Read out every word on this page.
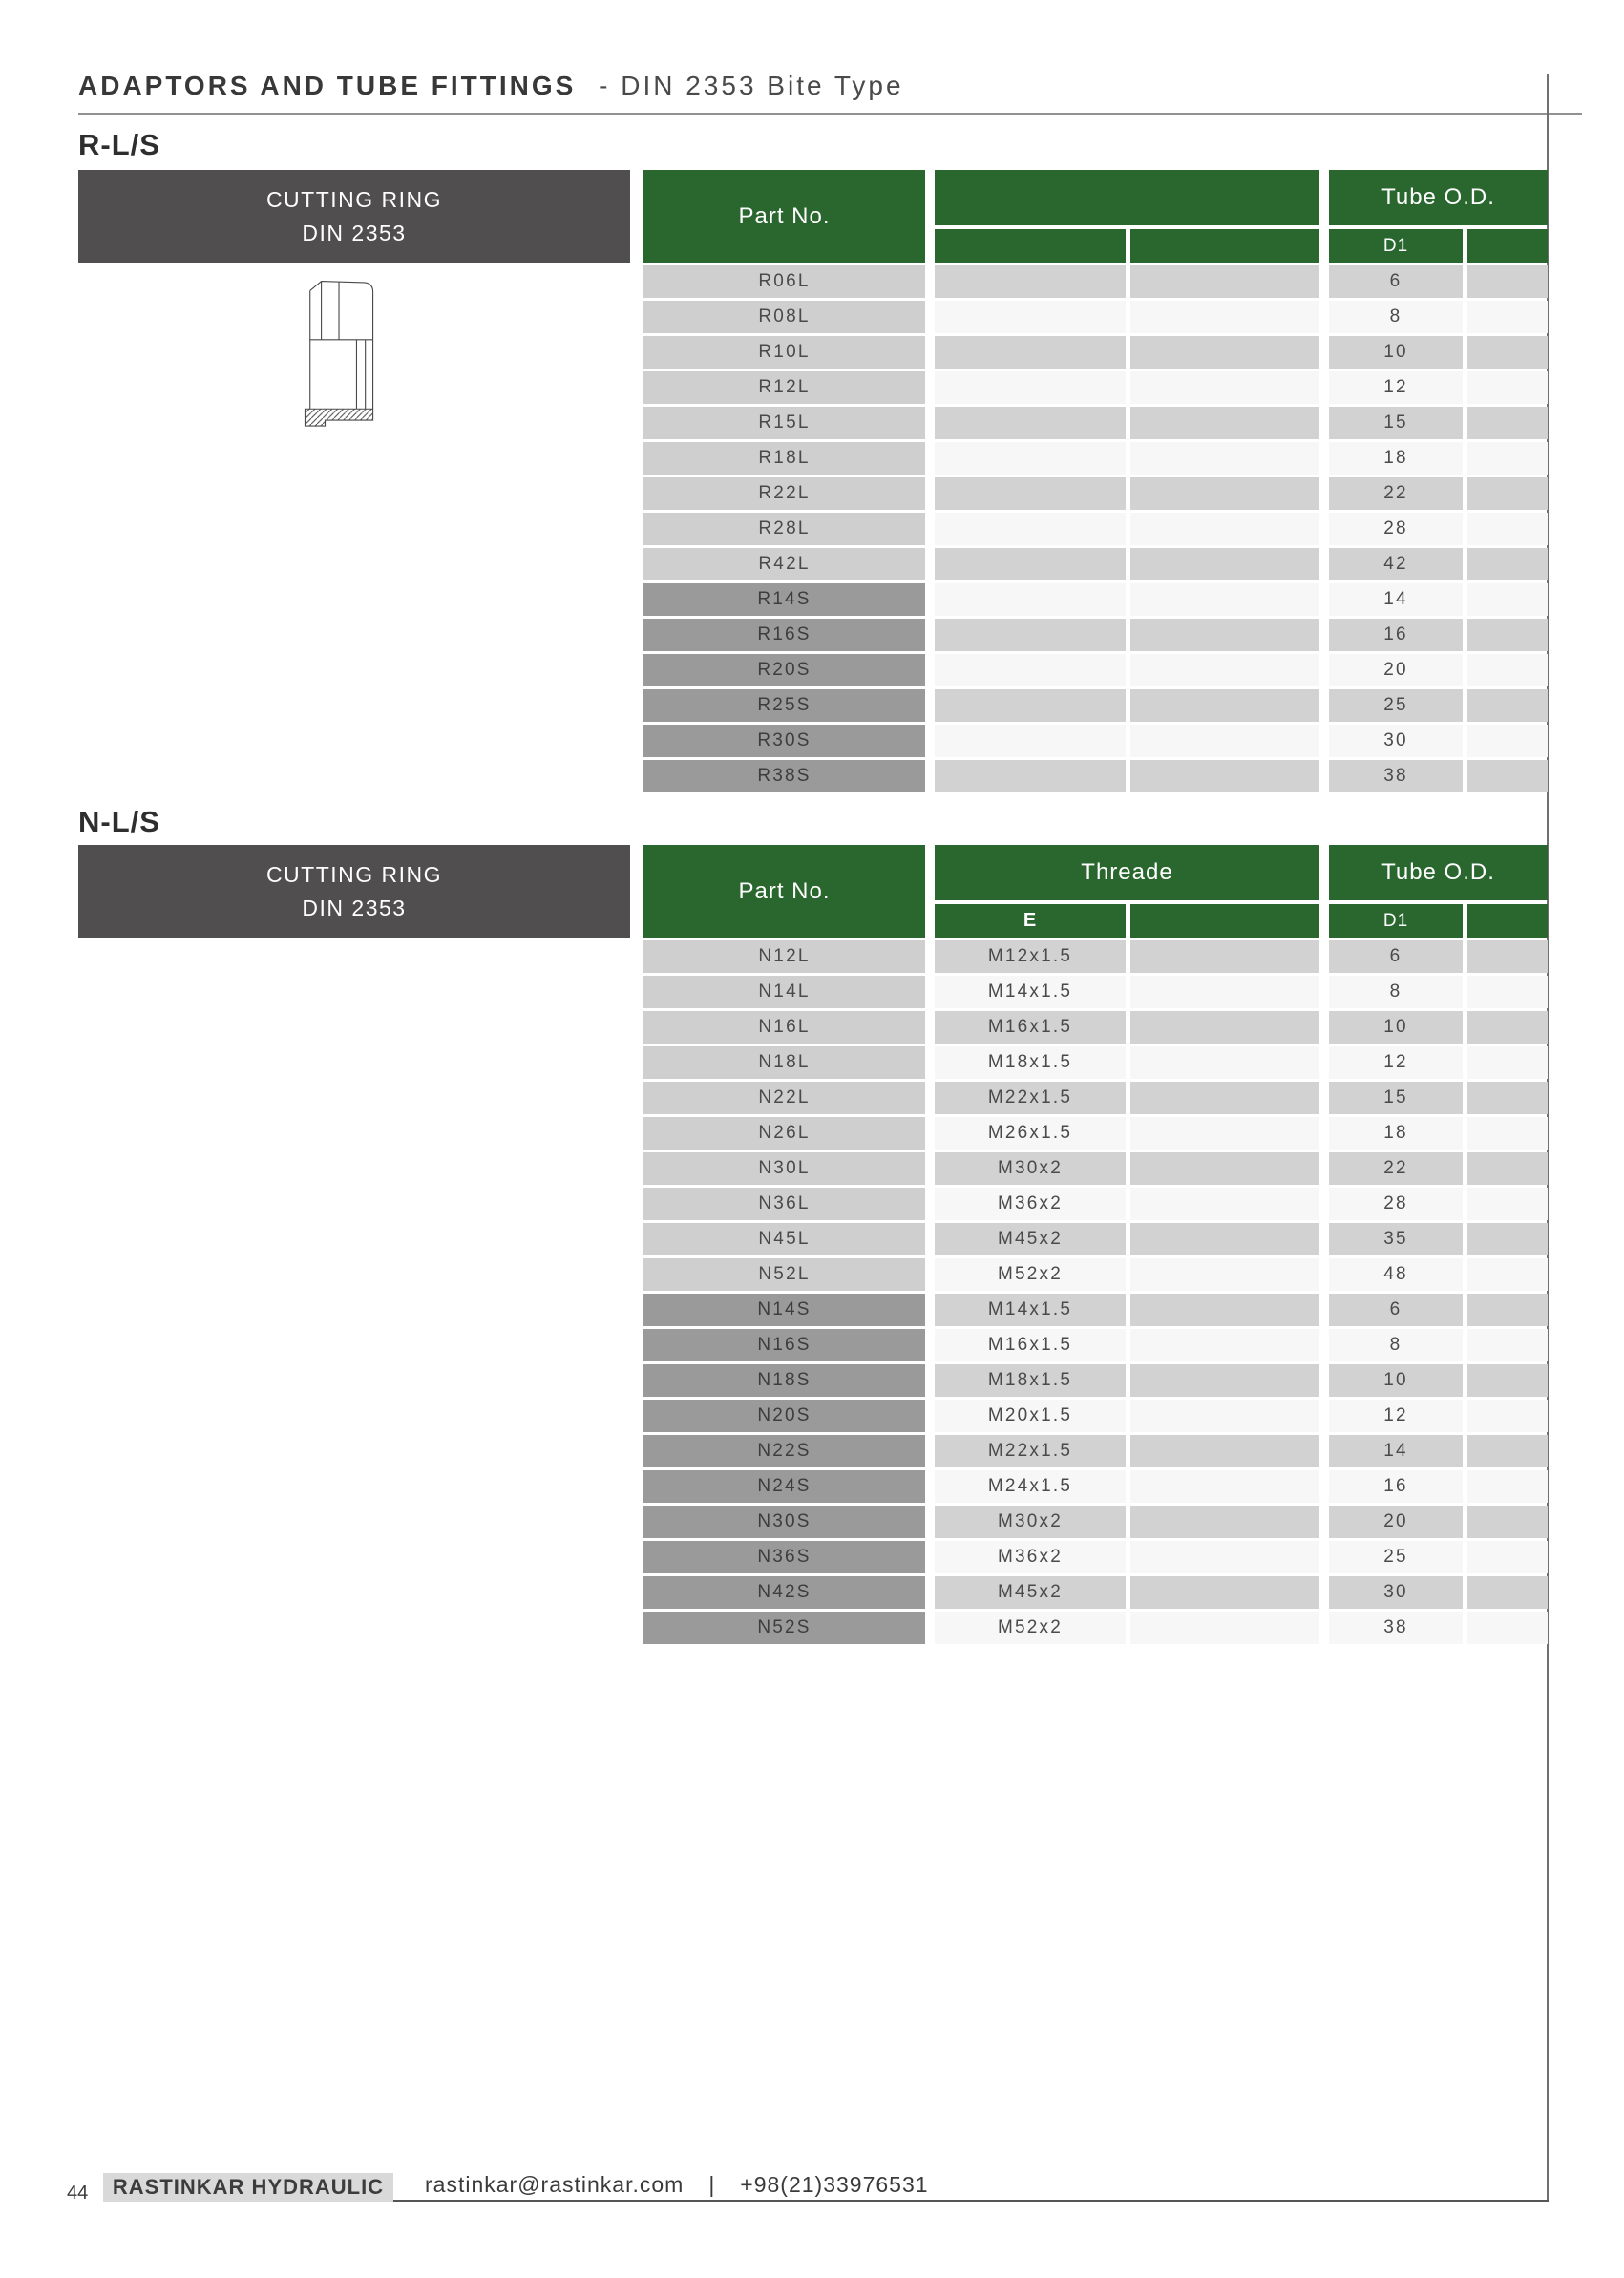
ADAPTORS AND TUBE FITTINGS - DIN 2353 Bite Type
R-L/S
CUTTING RING
DIN 2353
Part No.
Tube O.D.
D1
R06L	6
R08L	8
R10L	10
R12L	12
R15L	15
R18L	18
R22L	22
R28L	28
R42L	42
R14S	14
R16S	16
R20S	20
R25S	25
R30S	30
R38S	38
N-L/S
CUTTING RING
DIN 2353
Part No.
Threade
E
Tube O.D.
D1
N12L	M12x1.5	6
N14L	M14x1.5	8
N16L	M16x1.5	10
N18L	M18x1.5	12
N22L	M22x1.5	15
N26L	M26x1.5	18
N30L	M30x2	22
N36L	M36x2	28
N45L	M45x2	35
N52L	M52x2	48
N14S	M14x1.5	6
N16S	M16x1.5	8
N18S	M18x1.5	10
N20S	M20x1.5	12
N22S	M22x1.5	14
N24S	M24x1.5	16
N30S	M30x2	20
N36S	M36x2	25
N42S	M45x2	30
N52S	M52x2	38
44	RASTINKAR HYDRAULIC	rastinkar@rastinkar.com | +98(21)33976531
